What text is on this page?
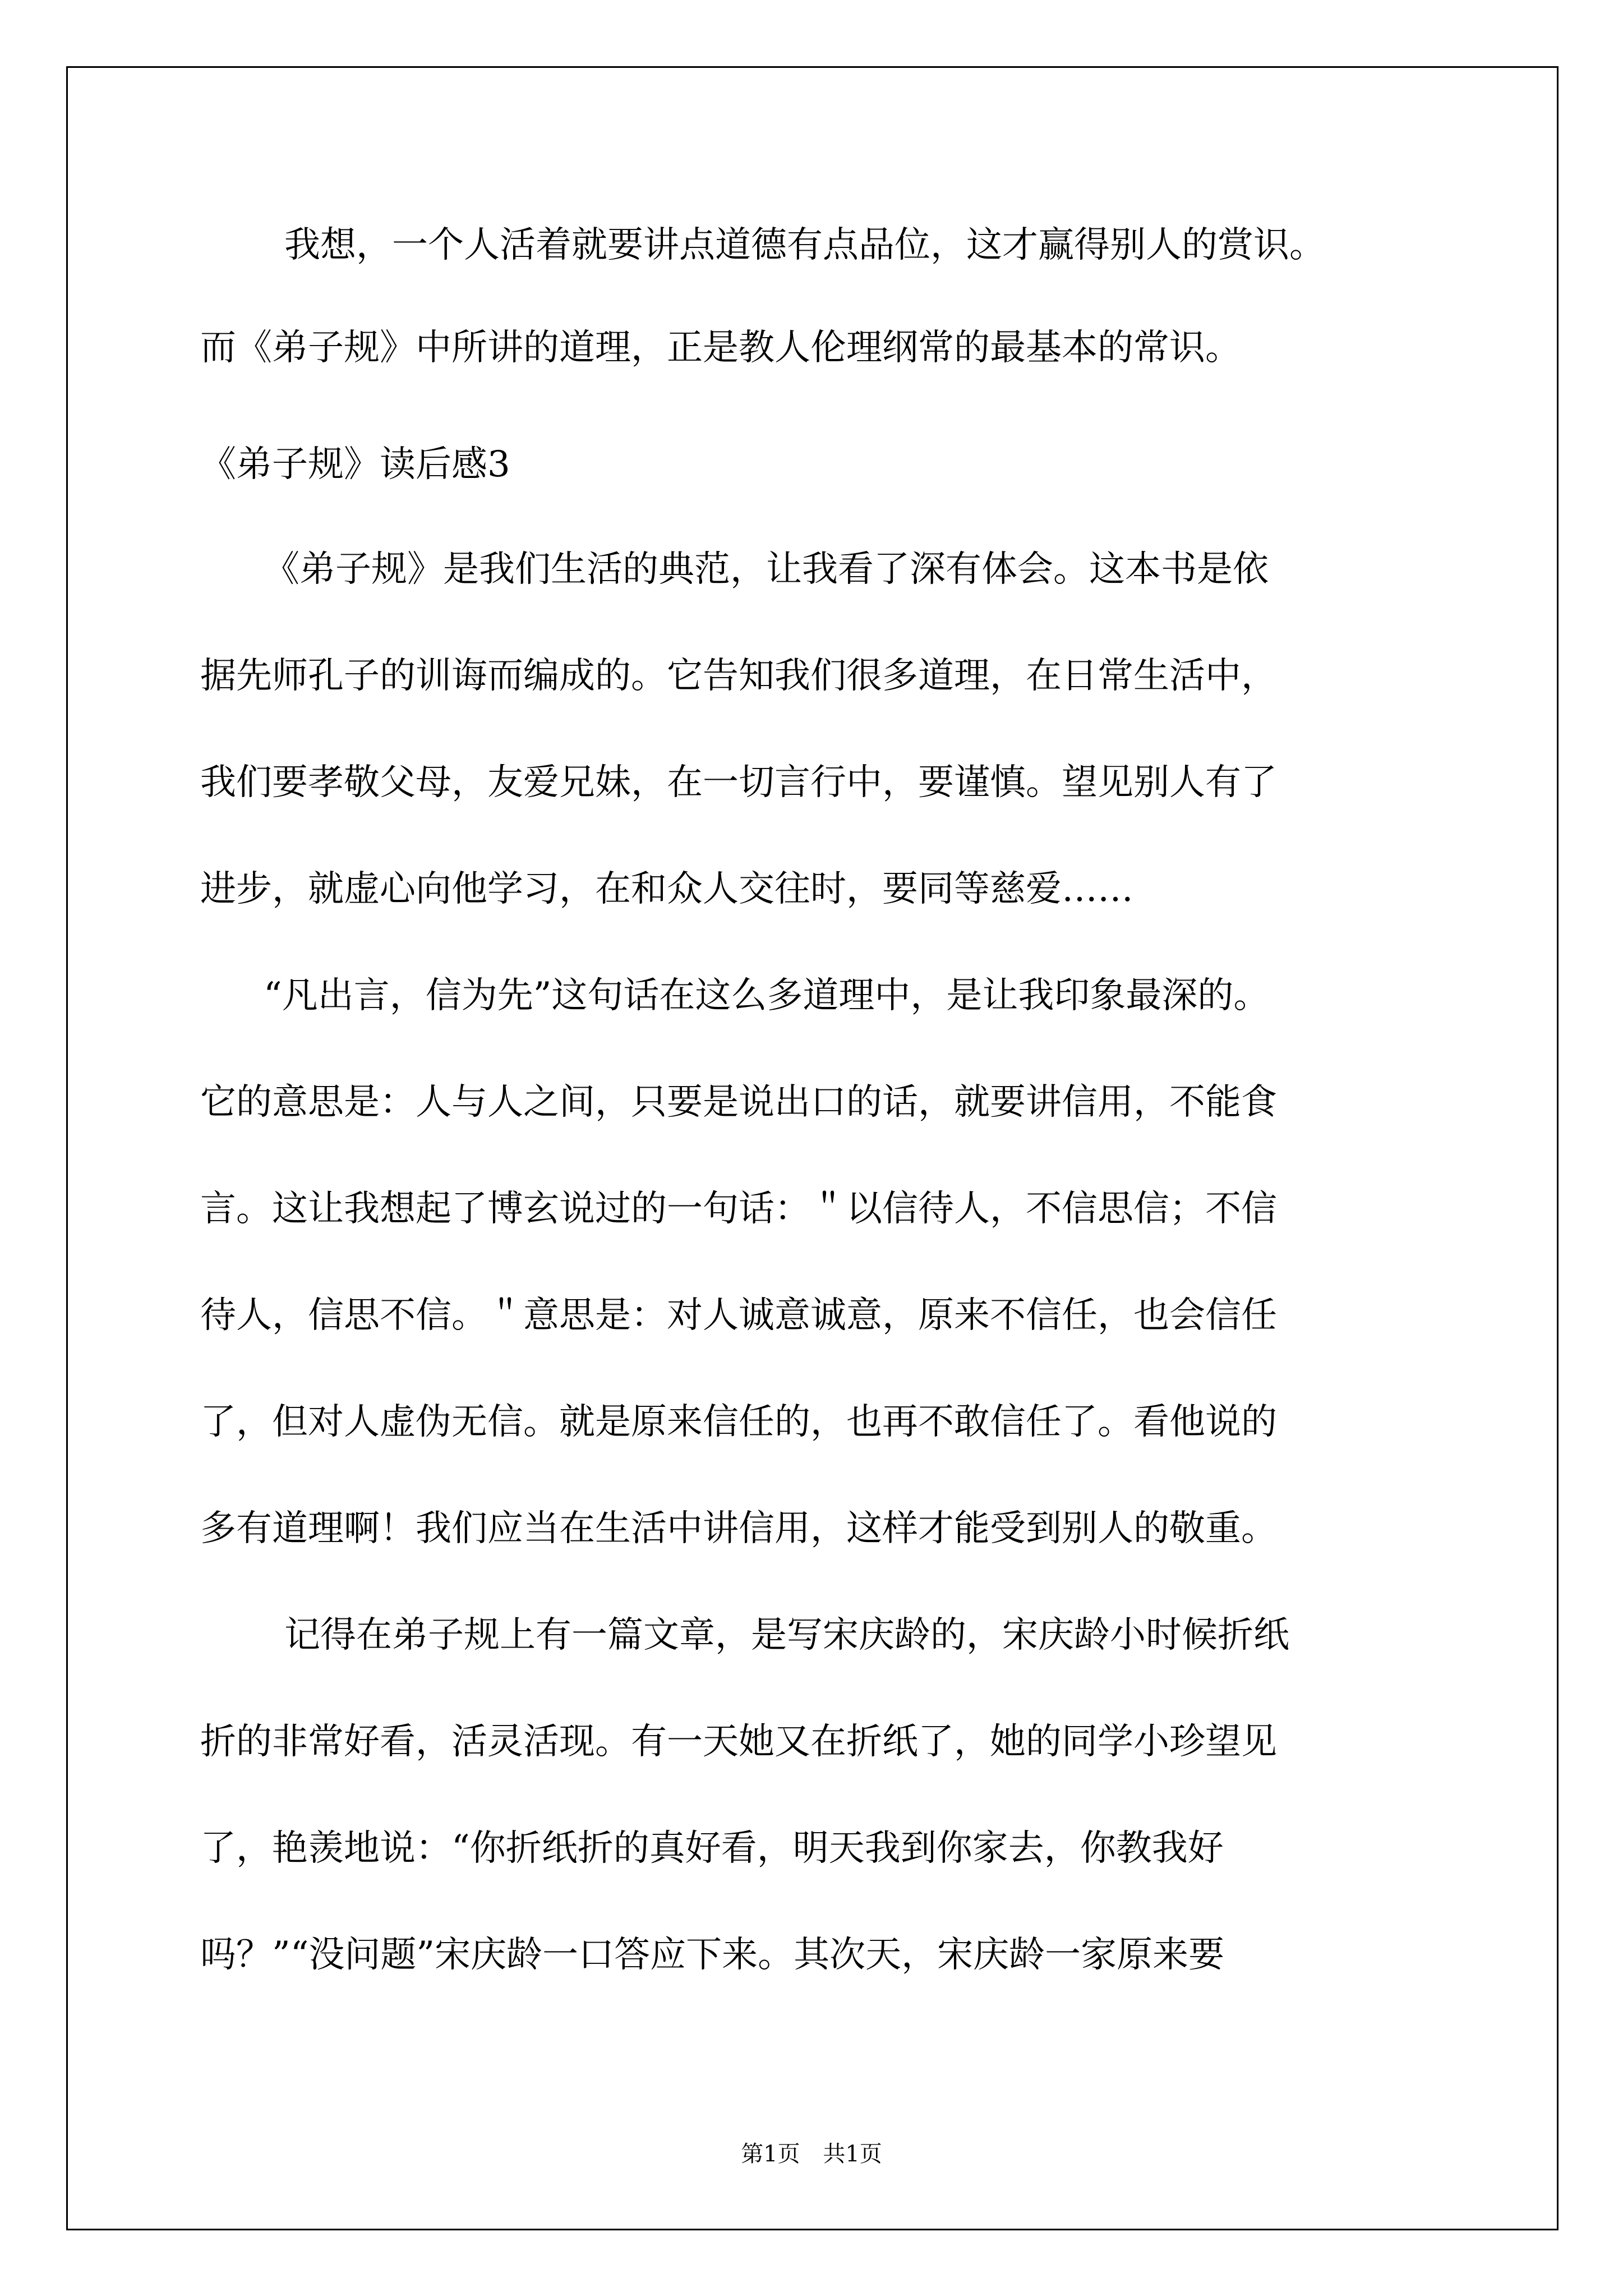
我想，一个人活着就要讲点道德有点品位，这才赢得别人的赏识。
而《弟子规》中所讲的道理，正是教人伦理纲常的最基本的常识。
《弟子规》读后感3
《弟子规》是我们生活的典范，让我看了深有体会。这本书是依
据先师孔子的训诲而编成的。它告知我们很多道理，在日常生活中，
我们要孝敬父母，友爱兄妹，在一切言行中，要谨慎。望见别人有了
进步，就虚心向他学习，在和众人交往时，要同等慈爱……
“凡出言，信为先”这句话在这么多道理中，是让我印象最深的。
它的意思是：人与人之间，只要是说出口的话，就要讲信用，不能食
言。这让我想起了博玄说过的一句话：＂以信待人，不信思信；不信
待人，信思不信。＂意思是：对人诚意诚意，原来不信任，也会信任
了，但对人虚伪无信。就是原来信任的，也再不敢信任了。看他说的
多有道理啊！我们应当在生活中讲信用，这样才能受到别人的敬重。
记得在弟子规上有一篇文章，是写宋庆龄的，宋庆龄小时候折纸
折的非常好看，活灵活现。有一天她又在折纸了，她的同学小珍望见
了，艳羡地说：“你折纸折的真好看，明天我到你家去，你教我好
吗？”“没问题”宋庆龄一口答应下来。其次天，宋庆龄一家原来要
第1页 共1页
